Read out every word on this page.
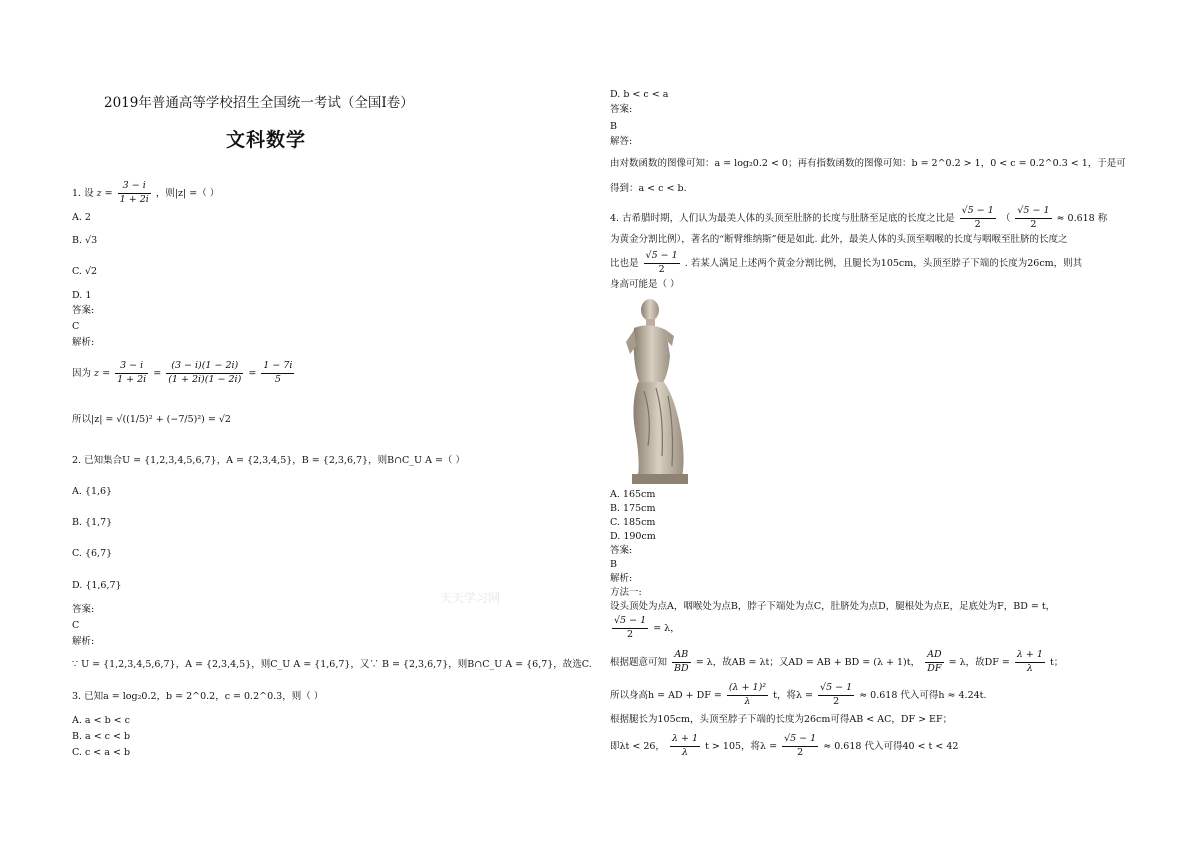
2019年普通高等学校招生全国统一考试（全国Ⅰ卷）
文科数学
1. 设 $z = \frac{3 - i}{1 + 2i}$ ，则|z| =（ ）
A. 2
B. √3
C. √2
D. 1
答案:
C
解析:
因为 $z = \frac{3 - i}{1 + 2i} = \frac{(3 - i)(1 - 2i)}{(1 + 2i)(1 - 2i)} = \frac{1 - 7i}{5}$
所以|z| = √((1/5)² + (−7/5)²) = √2
2. 已知集合U = {1,2,3,4,5,6,7}，A = {2,3,4,5}，B = {2,3,6,7}，则B∩C_U A =（ ）
A. {1,6}
B. {1,7}
C. {6,7}
D. {1,6,7}
答案:
C
解析:
∵ U = {1,2,3,4,5,6,7}，A = {2,3,4,5}，则C_U A = {1,6,7}，又∵ B = {2,3,6,7}，则B∩C_U A = {6,7}，故选C.
3. 已知a = log₂0.2，b = 2^0.2，c = 0.2^0.3，则（ ）
A. a < b < c
B. a < c < b
C. c < a < b
D. b < c < a
答案:
B
解答:
由对数函数的图像可知：a = log₂0.2 < 0；再有指数函数的图像可知：b = 2^0.2 > 1，0 < c = 0.2^0.3 < 1，于是可
得到：a < c < b.
4. 古希腊时期，人们认为最美人体的头顶至肚脐的长度与肚脐至足底的长度之比是 $\frac{√5 - 1}{2}$ （ $\frac{√5 - 1}{2} \approx 0.618$ 称
为黄金分割比例），著名的“断臂维纳斯”便是如此. 此外，最美人体的头顶至咽喉的长度与咽喉至肚脐的长度之
比也是 $\frac{√5 - 1}{2}$ . 若某人满足上述两个黄金分割比例，且腿长为105cm，头顶至脖子下端的长度为26cm，则其
身高可能是（ ）
A. 165cm
B. 175cm
C. 185cm
D. 190cm
答案:
B
解析:
方法一:
天天学习网
设头顶处为点A，咽喉处为点B，脖子下端处为点C，肚脐处为点D，腿根处为点E，足底处为F，BD = t，
$\frac{√5 - 1}{2} = \lambda$，
根据题意可知 $\frac{AB}{BD} = \lambda$，故AB = λt；又AD = AB + BD = (λ + 1)t， $\frac{AD}{DF} = \lambda$，故DF = $\frac{\lambda + 1}{\lambda}$ t；
所以身高h = AD + DF = $\frac{\text{(λ + 1)²}}{\lambda}$ t，将$\lambda = \frac{√5 - 1}{2} \approx 0.618$ 代入可得h ≈ 4.24t.
根据腿长为105cm，头顶至脖子下端的长度为26cm可得AB < AC，DF > EF；
即λt < 26， $\frac{\lambda + 1}{\lambda}$ t > 105，将$\lambda = \frac{√5 - 1}{2} \approx 0.618$ 代入可得40 < t < 42
